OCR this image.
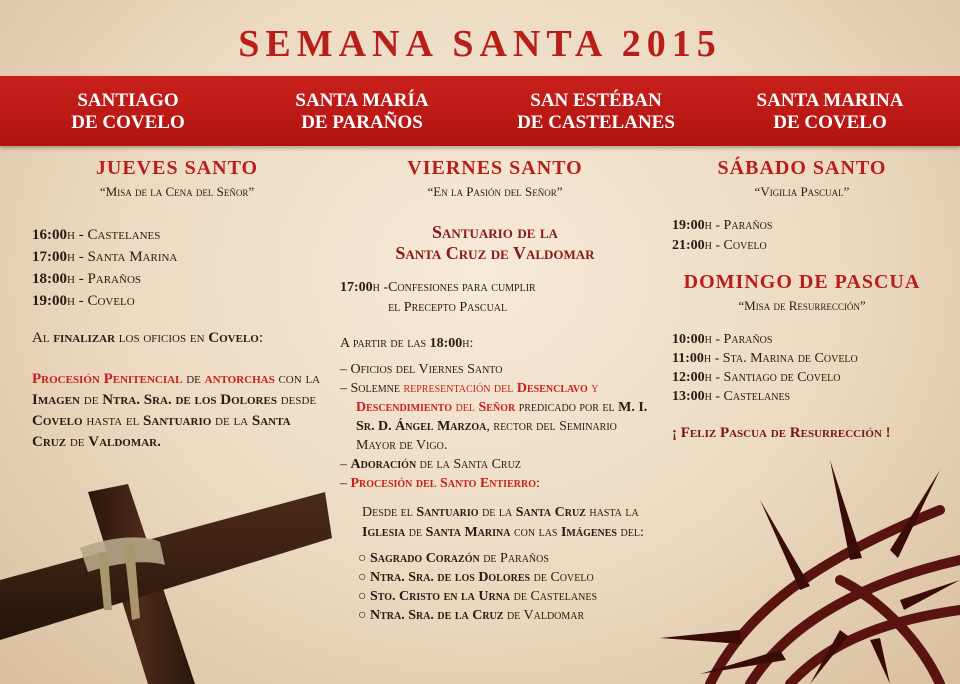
SEMANA SANTA 2015
SANTIAGO
DE COVELO
SANTA MARÍA
DE PARAÑOS
SAN ESTÉBAN
DE CASTELANES
SANTA MARINA
DE COVELO
JUEVES SANTO
“Misa de la Cena del Señor”
16:00h - Castelanes
17:00h - Santa Marina
18:00h - Paraños
19:00h - Covelo
Al finalizar los oficios en Covelo:
Procesión Penitencial de antorchas con la Imagen de Ntra. Sra. de los Dolores desde Covelo hasta el Santuario de la Santa Cruz de Valdomar.
VIERNES SANTO
“En la Pasión del Señor”
Santuario de la
Santa Cruz de Valdomar
17:00h - Confesiones para cumplir
el Precepto Pascual
A partir de las 18:00h:
– Oficios del Viernes Santo
– Solemne representación del Desenclavo y Descendimiento del Señor predicado por el M. I. Sr. D. Ángel Marzoa, rector del Seminario Mayor de Vigo.
– Adoración de la Santa Cruz
– Procesión del Santo Entierro:
Desde el Santuario de la Santa Cruz hasta la Iglesia de Santa Marina con las Imágenes del:
○ Sagrado Corazón de Paraños
○ Ntra. Sra. de los Dolores de Covelo
○ Sto. Cristo en la Urna de Castelanes
○ Ntra. Sra. de la Cruz de Valdomar
SÁBADO SANTO
“Vigilia Pascual”
19:00h - Paraños
21:00h - Covelo
DOMINGO DE PASCUA
“Misa de Resurrección”
10:00h - Paraños
11:00h - Sta. Marina de Covelo
12:00h - Santiago de Covelo
13:00h - Castelanes
¡ Feliz Pascua de Resurrección !
